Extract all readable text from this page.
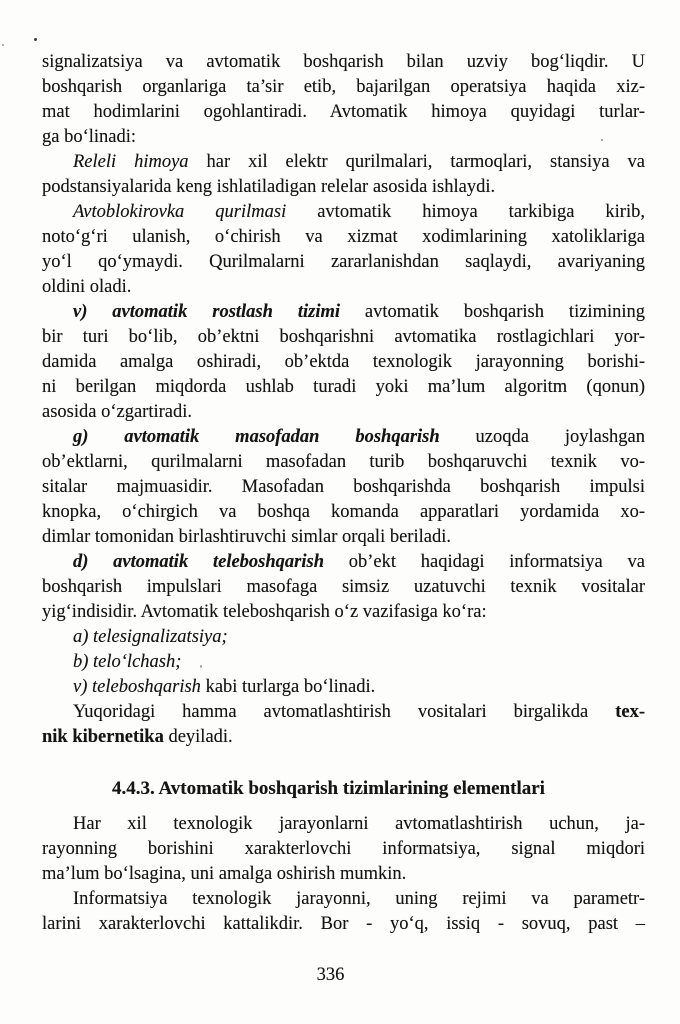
signalizatsiya va avtomatik boshqarish bilan uzviy bog‘liqdir. U
boshqarish organlariga ta’sir etib, bajarilgan operatsiya haqida xiz-
mat hodimlarini ogohlantiradi. Avtomatik himoya quyidagi turlar-
ga bo‘linadi:
Releli himoya har xil elektr qurilmalari, tarmoqlari, stansiya va
podstansiyalarida keng ishlatiladigan relelar asosida ishlaydi.
Avtoblokirovka qurilmasi avtomatik himoya tarkibiga kirib,
noto‘g‘ri ulanish, o‘chirish va xizmat xodimlarining xatoliklariga
yo‘l qo‘ymaydi. Qurilmalarni zararlanishdan saqlaydi, avariyaning
oldini oladi.
v) avtomatik rostlash tizimi avtomatik boshqarish tizimining
bir turi bo‘lib, ob’ektni boshqarishni avtomatika rostlagichlari yor-
damida amalga oshiradi, ob’ektda texnologik jarayonning borishi-
ni berilgan miqdorda ushlab turadi yoki ma’lum algoritm (qonun)
asosida o‘zgartiradi.
g) avtomatik masofadan boshqarish uzoqda joylashgan
ob’ektlarni, qurilmalarni masofadan turib boshqaruvchi texnik vo-
sitalar majmuasidir. Masofadan boshqarishda boshqarish impulsi
knopka, o‘chirgich va boshqa komanda apparatlari yordamida xo-
dimlar tomonidan birlashtiruvchi simlar orqali beriladi.
d) avtomatik teleboshqarish ob’ekt haqidagi informatsiya va
boshqarish impulslari masofaga simsiz uzatuvchi texnik vositalar
yig‘indisidir. Avtomatik teleboshqarish o‘z vazifasiga ko‘ra:
a) telesignalizatsiya;
b) telo‘lchash;
v) teleboshqarish kabi turlarga bo‘linadi.
Yuqoridagi hamma avtomatlashtirish vositalari birgalikda tex-
nik kibernetika deyiladi.
4.4.3. Avtomatik boshqarish tizimlarining elementlari
Har xil texnologik jarayonlarni avtomatlashtirish uchun, ja-
rayonning borishini xarakterlovchi informatsiya, signal miqdori
ma’lum bo‘lsagina, uni amalga oshirish mumkin.
Informatsiya texnologik jarayonni, uning rejimi va parametr-
larini xarakterlovchi kattalikdir. Bor - yo‘q, issiq - sovuq, past –
336
